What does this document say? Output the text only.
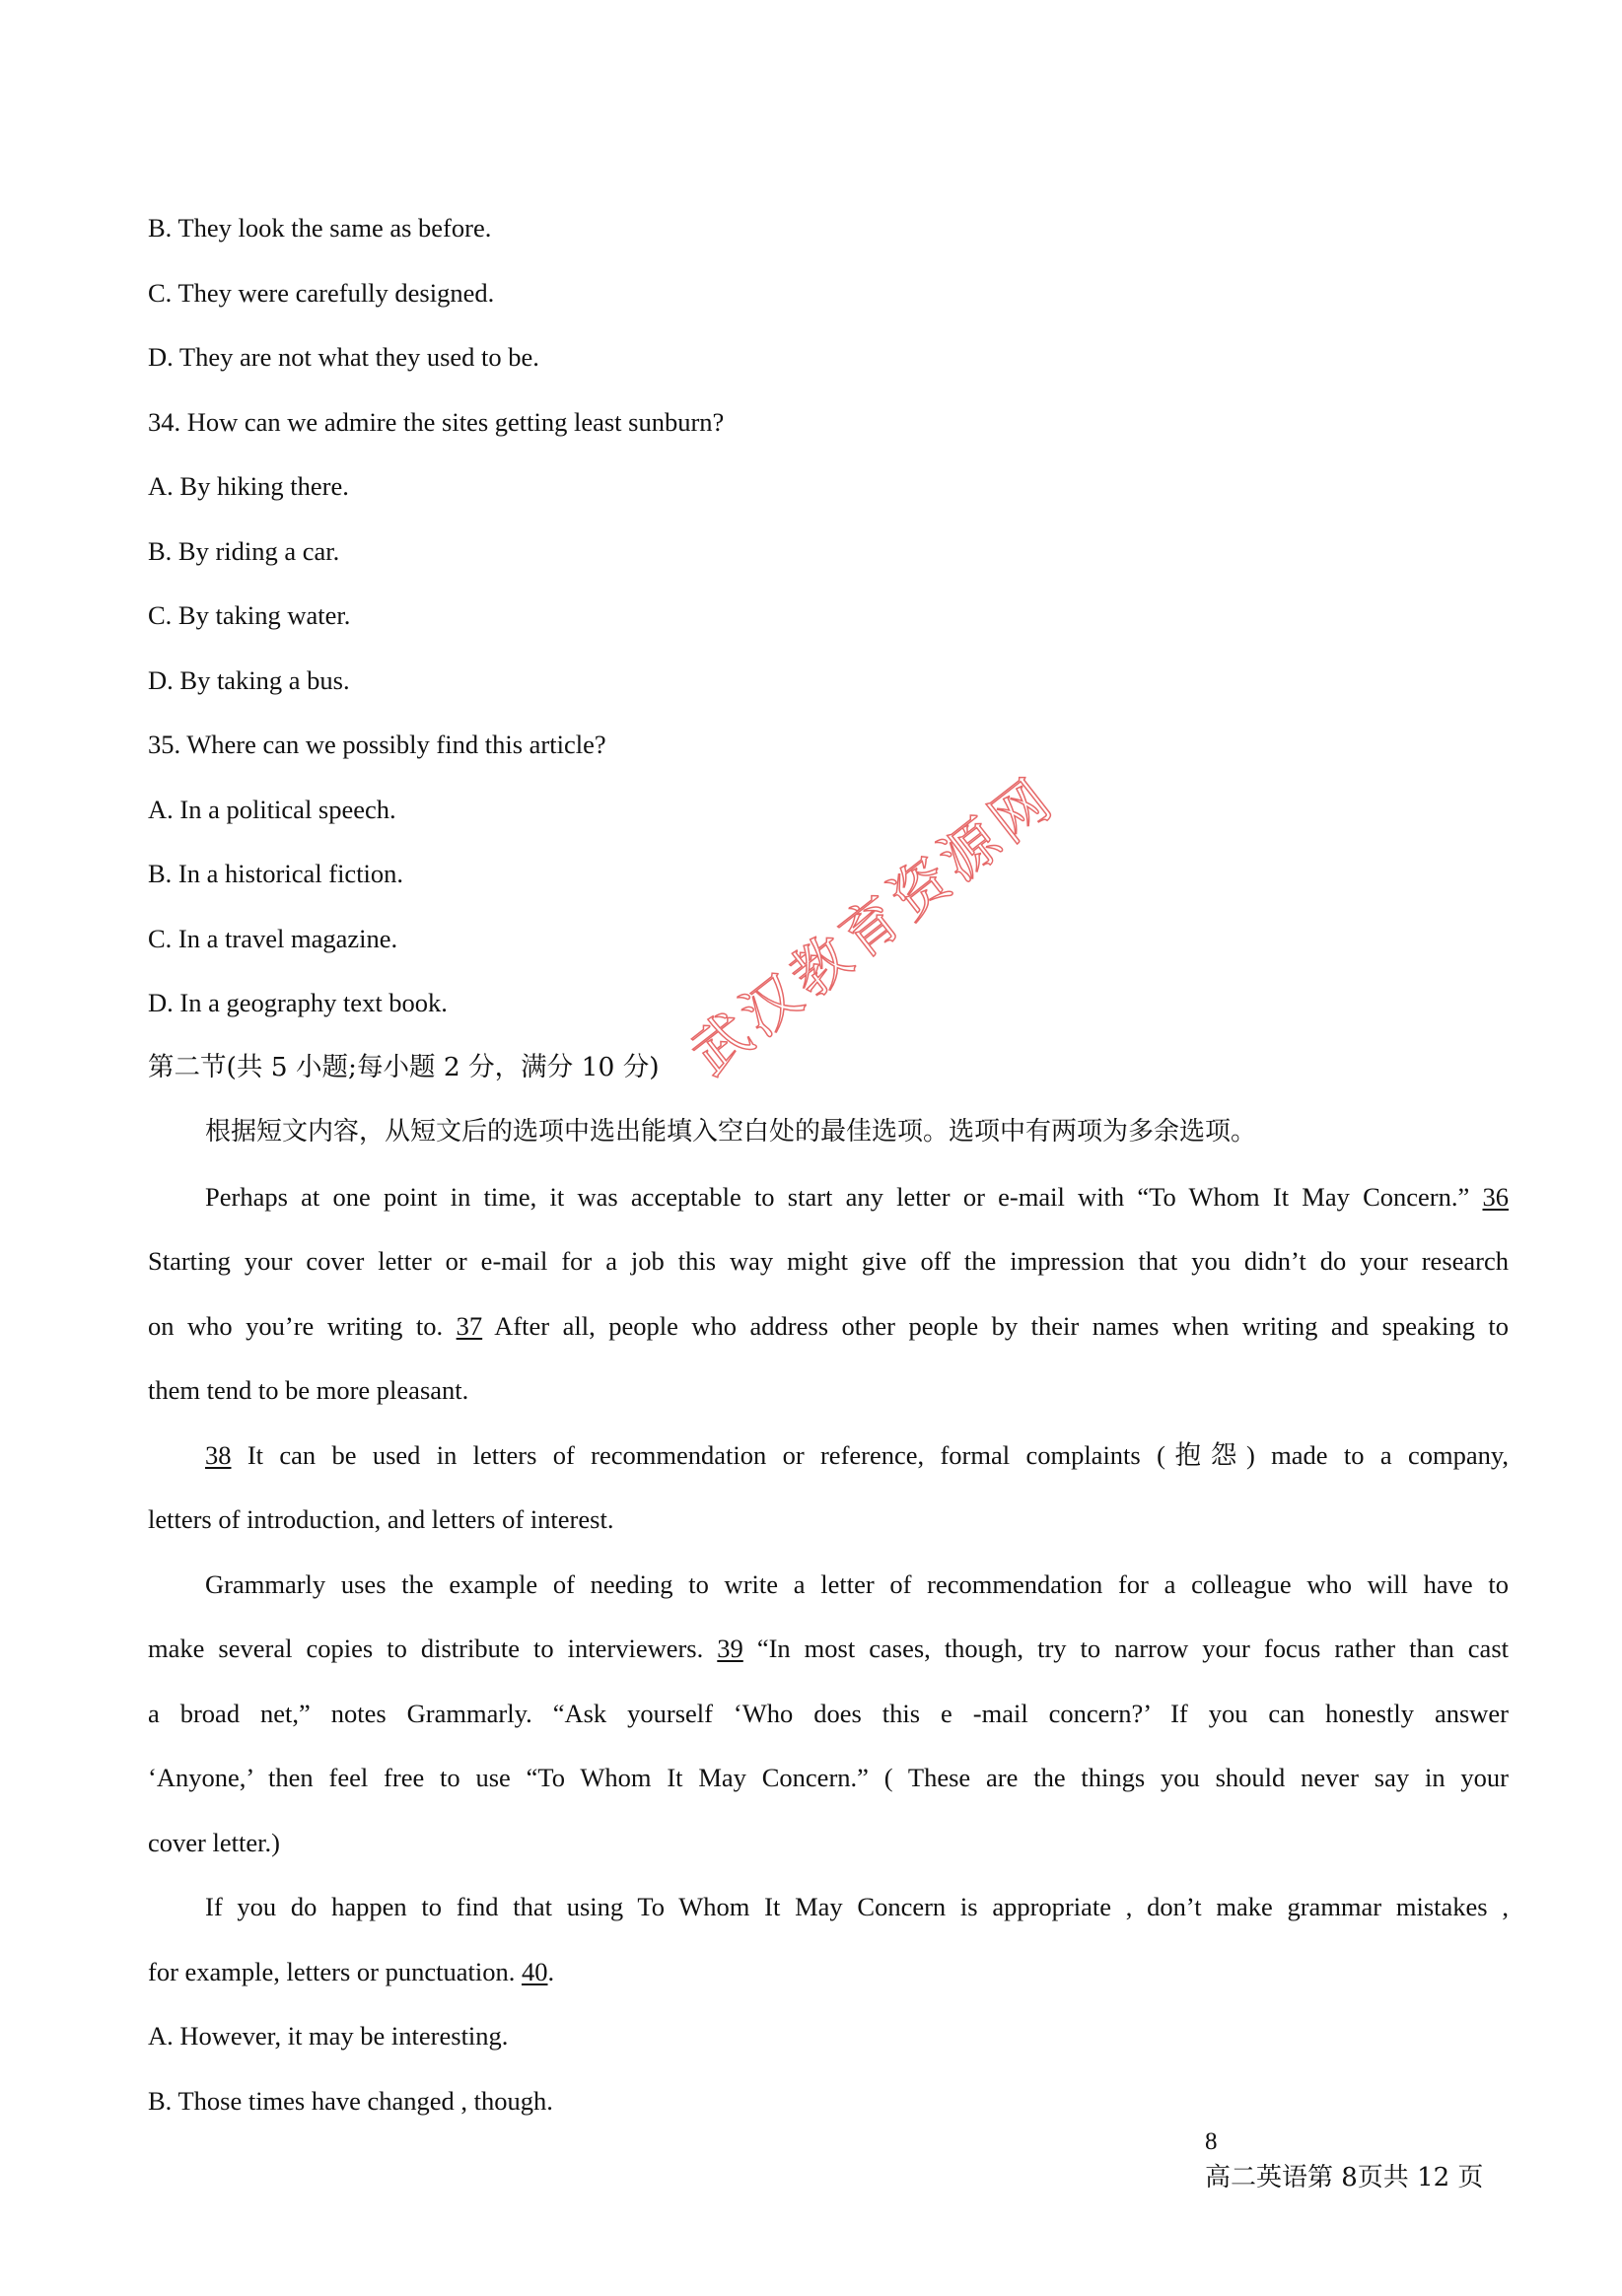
B. They look the same as before.
C. They were carefully designed.
D. They are not what they used to be.
34. How can we admire the sites getting least sunburn?
A. By hiking there.
B. By riding a car.
C. By taking water.
D. By taking a bus.
35. Where can we possibly find this article?
A. In a political speech.
B. In a historical fiction.
C. In a travel magazine.
D. In a geography text book.
第二节(共 5 小题;每小题 2 分，满分 10 分)
根据短文内容，从短文后的选项中选出能填入空白处的最佳选项。选项中有两项为多余选项。
Perhaps at one point in time, it was acceptable to start any letter or e-mail with “To Whom It May Concern.” 36
Starting your cover letter or e-mail for a job this way might give off the impression that you didn’t do your research
on who you’re writing to. 37 After all, people who address other people by their names when writing and speaking to
them tend to be more pleasant.
38 It can be used in letters of recommendation or reference, formal complaints (抱怨) made to a company,
letters of introduction, and letters of interest.
Grammarly uses the example of needing to write a letter of recommendation for a colleague who will have to
make several copies to distribute to interviewers. 39 “In most cases, though, try to narrow your focus rather than cast
a broad net,” notes Grammarly. “Ask yourself ‘Who does this e -mail concern?’ If you can honestly answer
‘Anyone,’ then feel free to use “To Whom It May Concern.” ( These are the things you should never say in your
cover letter.)
If you do happen to find that using To Whom It May Concern is appropriate , don’t make grammar mistakes ,
for example, letters or punctuation. 40.
A. However, it may be interesting.
B. Those times have changed , though.
武汉教育资源网
8
高二英语第 8页共 12 页
